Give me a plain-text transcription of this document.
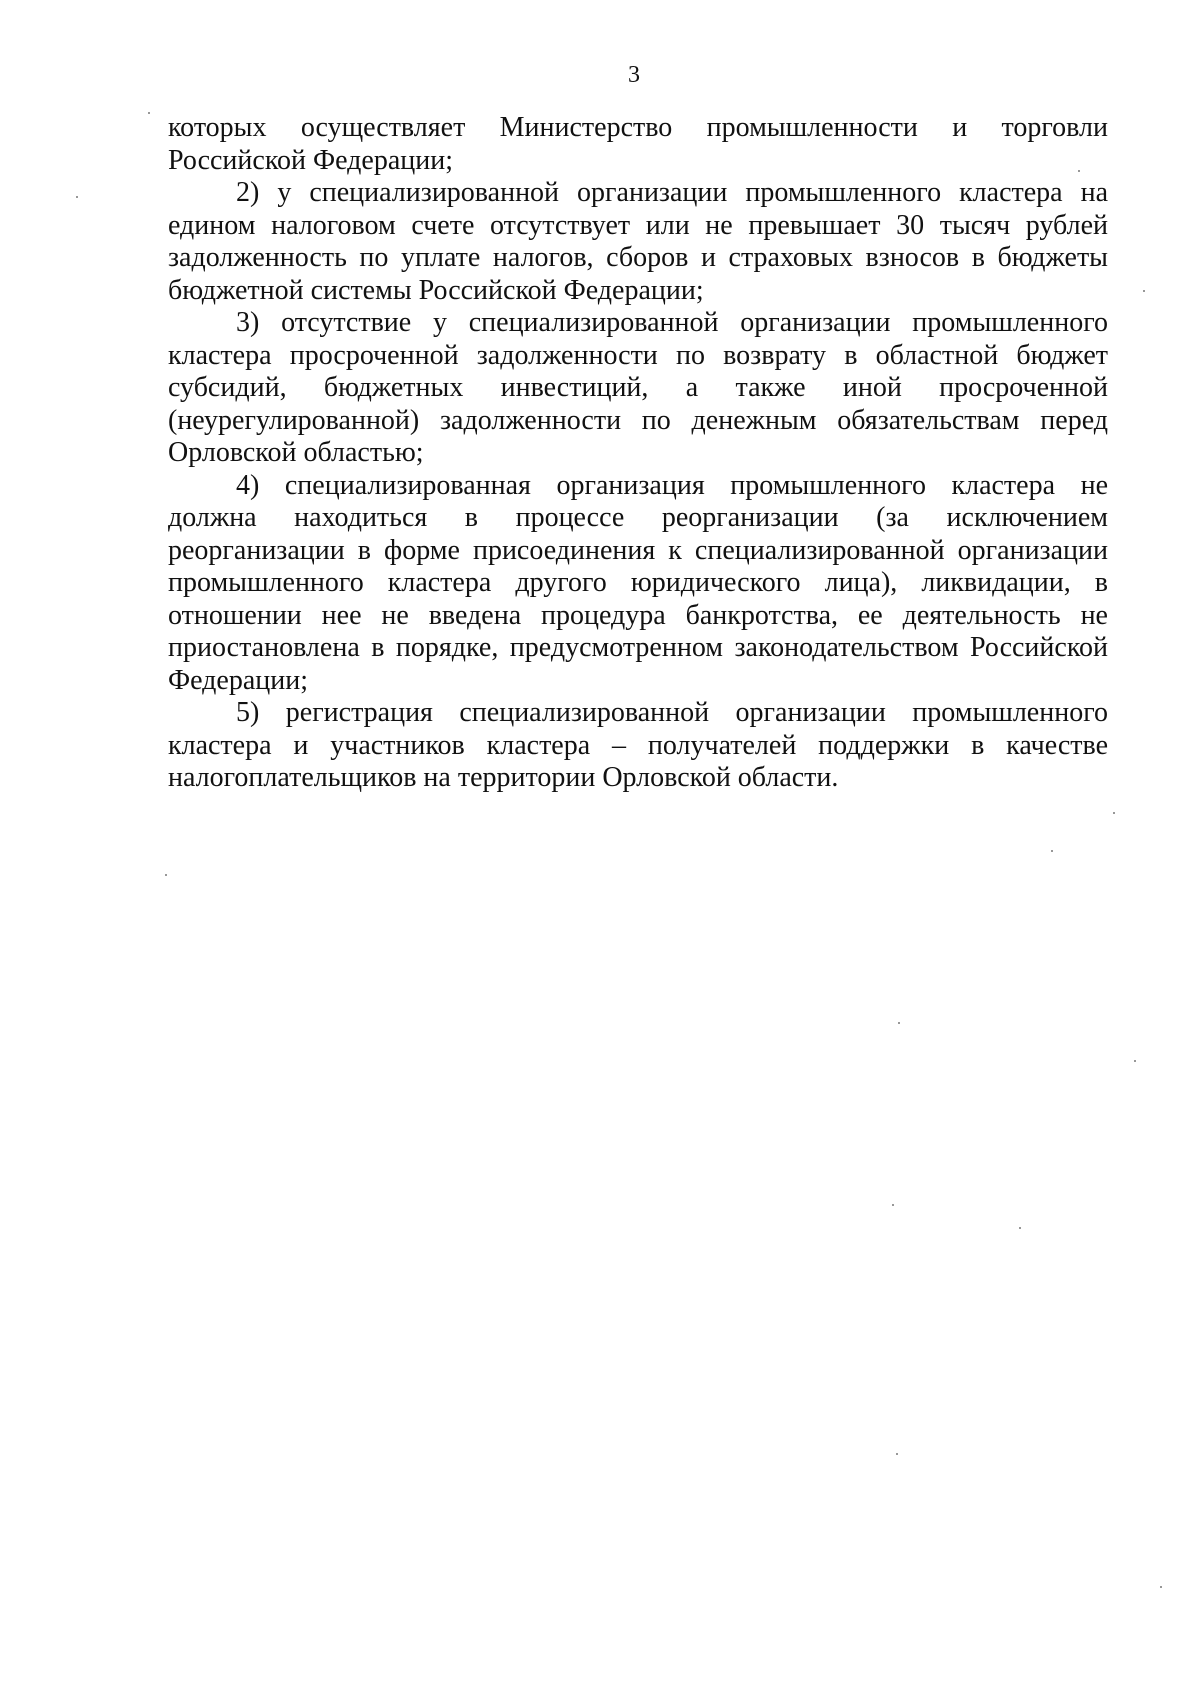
3

которых осуществляет Министерство промышленности и торговли Российской Федерации;

2) у специализированной организации промышленного кластера на едином налоговом счете отсутствует или не превышает 30 тысяч рублей задолженность по уплате налогов, сборов и страховых взносов в бюджеты бюджетной системы Российской Федерации;

3) отсутствие у специализированной организации промышленного кластера просроченной задолженности по возврату в областной бюджет субсидий, бюджетных инвестиций, а также иной просроченной (неурегулированной) задолженности по денежным обязательствам перед Орловской областью;

4) специализированная организация промышленного кластера не должна находиться в процессе реорганизации (за исключением реорганизации в форме присоединения к специализированной организации промышленного кластера другого юридического лица), ликвидации, в отношении нее не введена процедура банкротства, ее деятельность не приостановлена в порядке, предусмотренном законодательством Российской Федерации;

5) регистрация специализированной организации промышленного кластера и участников кластера – получателей поддержки в качестве налогоплательщиков на территории Орловской области.
